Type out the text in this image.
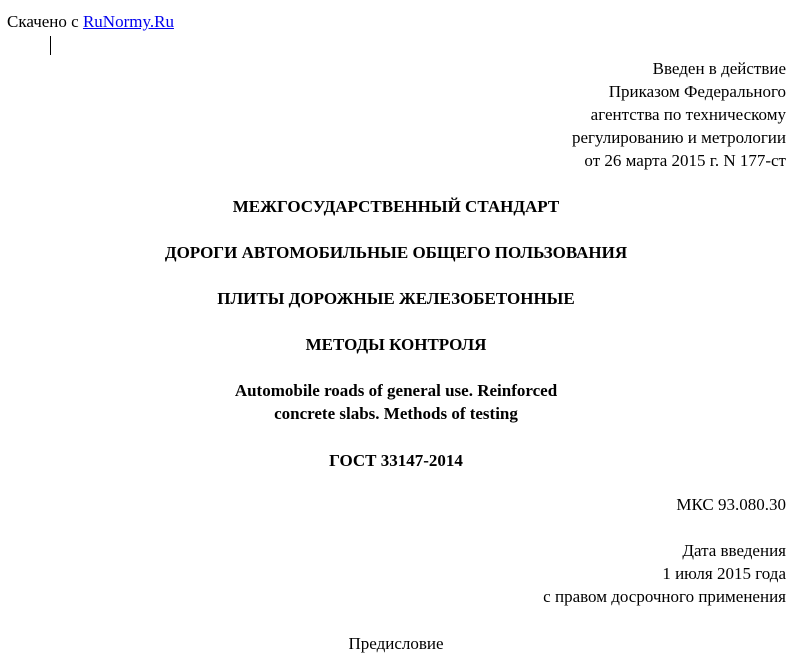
Скачено с RuNormy.Ru
Введен в действие
Приказом Федерального
агентства по техническому
регулированию и метрологии
от 26 марта 2015 г. N 177-ст
МЕЖГОСУДАРСТВЕННЫЙ СТАНДАРТ
ДОРОГИ АВТОМОБИЛЬНЫЕ ОБЩЕГО ПОЛЬЗОВАНИЯ
ПЛИТЫ ДОРОЖНЫЕ ЖЕЛЕЗОБЕТОННЫЕ
МЕТОДЫ КОНТРОЛЯ
Automobile roads of general use. Reinforced
concrete slabs. Methods of testing
ГОСТ 33147-2014
МКС 93.080.30
Дата введения
1 июля 2015 года
с правом досрочного применения
Предисловие
